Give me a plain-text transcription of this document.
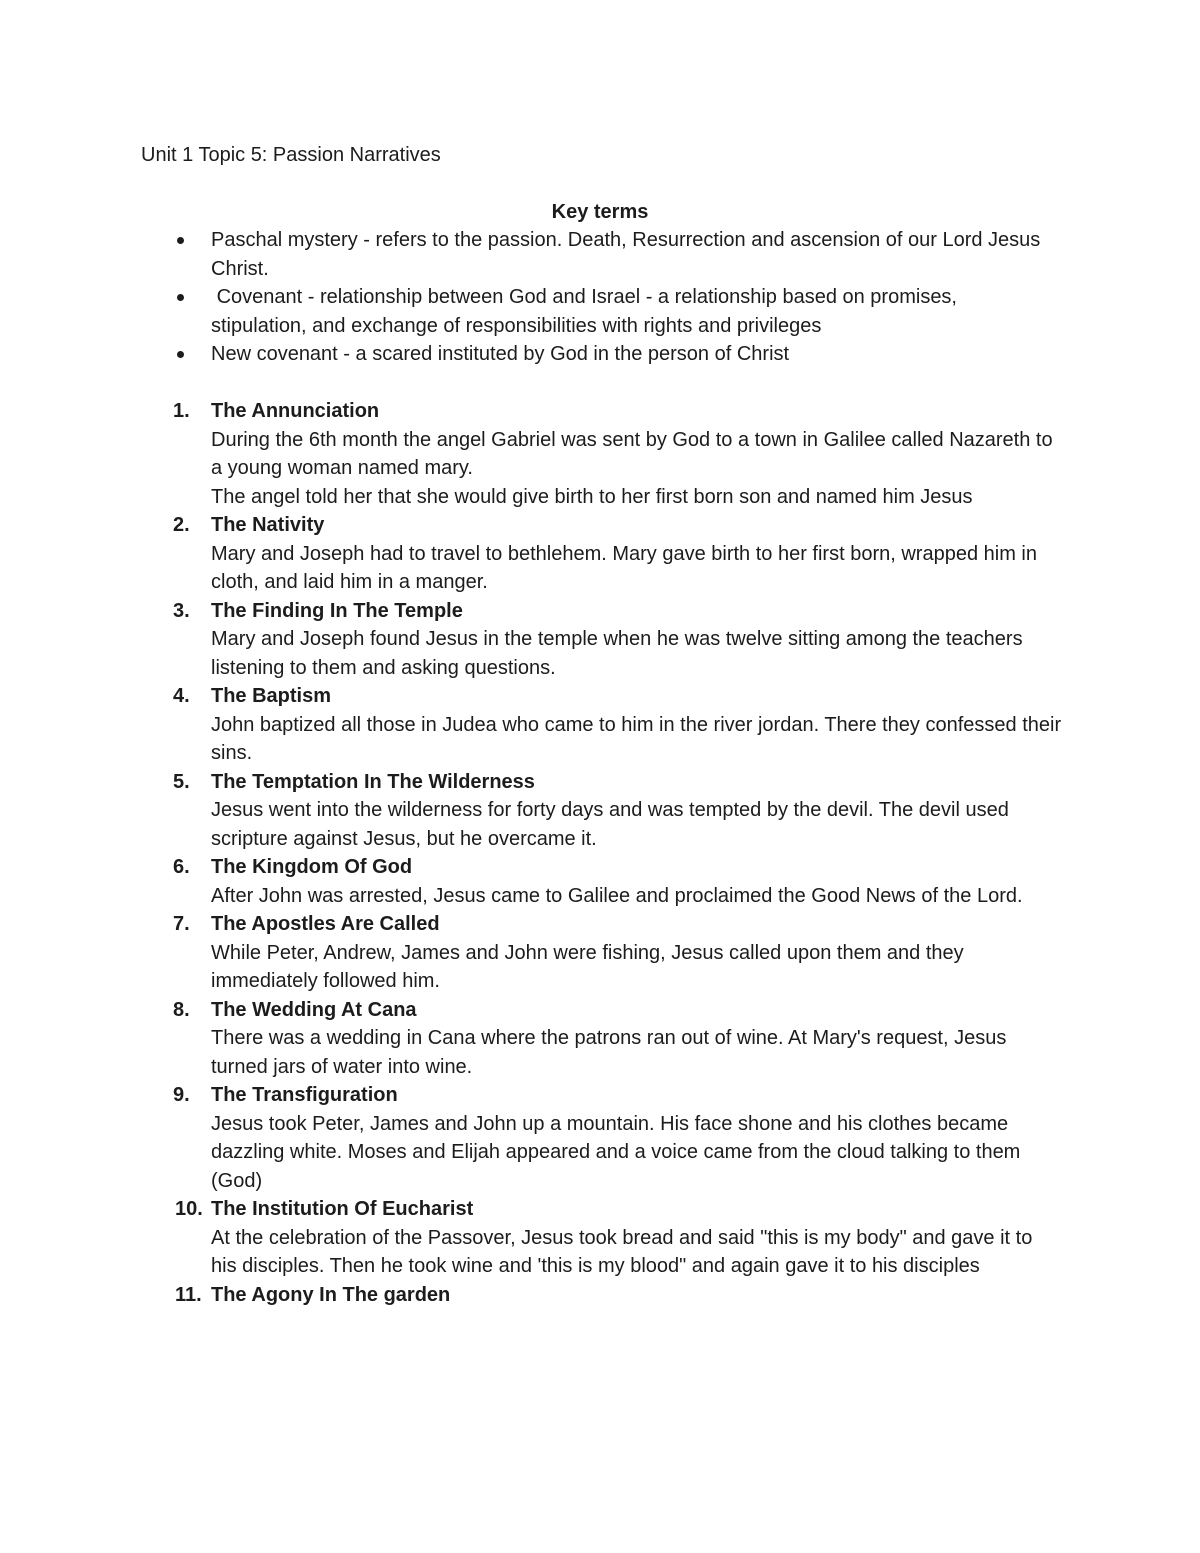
Unit 1 Topic 5: Passion Narratives
Key terms
Paschal mystery - refers to the passion. Death, Resurrection and ascension of our Lord Jesus Christ.
Covenant - relationship between God and Israel - a relationship based on promises, stipulation, and exchange of responsibilities with rights and privileges
New covenant - a scared instituted by God in the person of Christ
1. The Annunciation
During the 6th month the angel Gabriel was sent by God to a town in Galilee called Nazareth to a young woman named mary.
The angel told her that she would give birth to her first born son and named him Jesus
2. The Nativity
Mary and Joseph had to travel to bethlehem. Mary gave birth to her first born, wrapped him in cloth, and laid him in a manger.
3. The Finding In The Temple
Mary and Joseph found Jesus in the temple when he was twelve sitting among the teachers listening to them and asking questions.
4. The Baptism
John baptized all those in Judea who came to him in the river jordan. There they confessed their sins.
5. The Temptation In The Wilderness
Jesus went into the wilderness for forty days and was tempted by the devil. The devil used scripture against Jesus, but he overcame it.
6. The Kingdom Of God
After John was arrested, Jesus came to Galilee and proclaimed the Good News of the Lord.
7. The Apostles Are Called
While Peter, Andrew, James and John were fishing, Jesus called upon them and they immediately followed him.
8. The Wedding At Cana
There was a wedding in Cana where the patrons ran out of wine. At Mary's request, Jesus turned jars of water into wine.
9. The Transfiguration
Jesus took Peter, James and John up a mountain. His face shone and his clothes became dazzling white. Moses and Elijah appeared and a voice came from the cloud talking to them (God)
10. The Institution Of Eucharist
At the celebration of the Passover, Jesus took bread and said "this is my body" and gave it to his disciples. Then he took wine and 'this is my blood" and again gave it to his disciples
11. The Agony In The garden
